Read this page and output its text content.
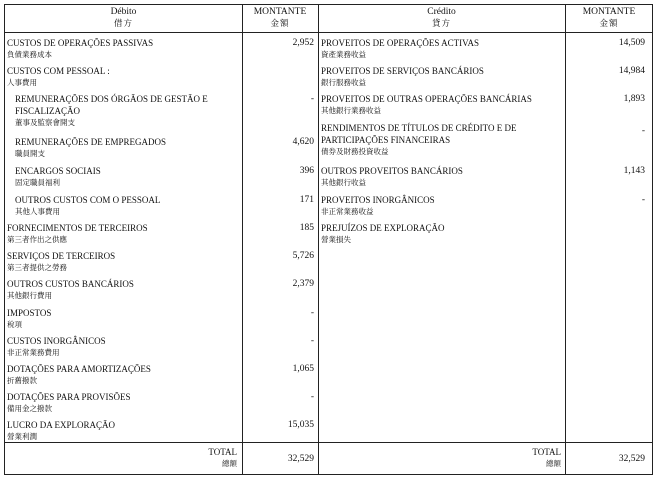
Débito
借方
MONTANTE
金額
Crédito
貸方
MONTANTE
金額
CUSTOS DE OPERAÇÕES PASSIVAS
負債業務成本
2,952
CUSTOS COM PESSOAL :
人事費用
REMUNERAÇÕES DOS ÓRGÃOS DE GESTÃO E
FISCALIZAÇÃO
董事及監察會開支
-
REMUNERAÇÕES DE EMPREGADOS
職員開支
4,620
ENCARGOS SOCIAIS
固定職員福利
396
OUTROS CUSTOS COM O PESSOAL
其他人事費用
171
FORNECIMENTOS DE TERCEIROS
第三者作出之供應
185
SERVIÇOS DE TERCEIROS
第三者提供之勞務
5,726
OUTROS CUSTOS BANCÁRIOS
其他銀行費用
2,379
IMPOSTOS
稅項
-
CUSTOS INORGÂNICOS
非正常業務費用
-
DOTAÇÕES PARA AMORTIZAÇÕES
折舊撥款
1,065
DOTAÇÕES PARA PROVISÕES
備用金之撥款
-
LUCRO DA EXPLORAÇÃO
營業利潤
15,035
PROVEITOS DE OPERAÇÕES ACTIVAS
資產業務收益
14,509
PROVEITOS DE SERVIÇOS BANCÁRIOS
銀行服務收益
14,984
PROVEITOS DE OUTRAS OPERAÇÕES BANCÁRIAS
其他銀行業務收益
1,893
RENDIMENTOS DE TÍTULOS DE CRÉDITO E DE
PARTICIPAÇÕES FINANCEIRAS
債券及財務投資收益
-
OUTROS PROVEITOS BANCÁRIOS
其他銀行收益
1,143
PROVEITOS INORGÂNICOS
非正常業務收益
-
PREJUÍZOS DE EXPLORAÇÃO
營業損失
TOTAL
總額	32,529
TOTAL
總額	32,529
